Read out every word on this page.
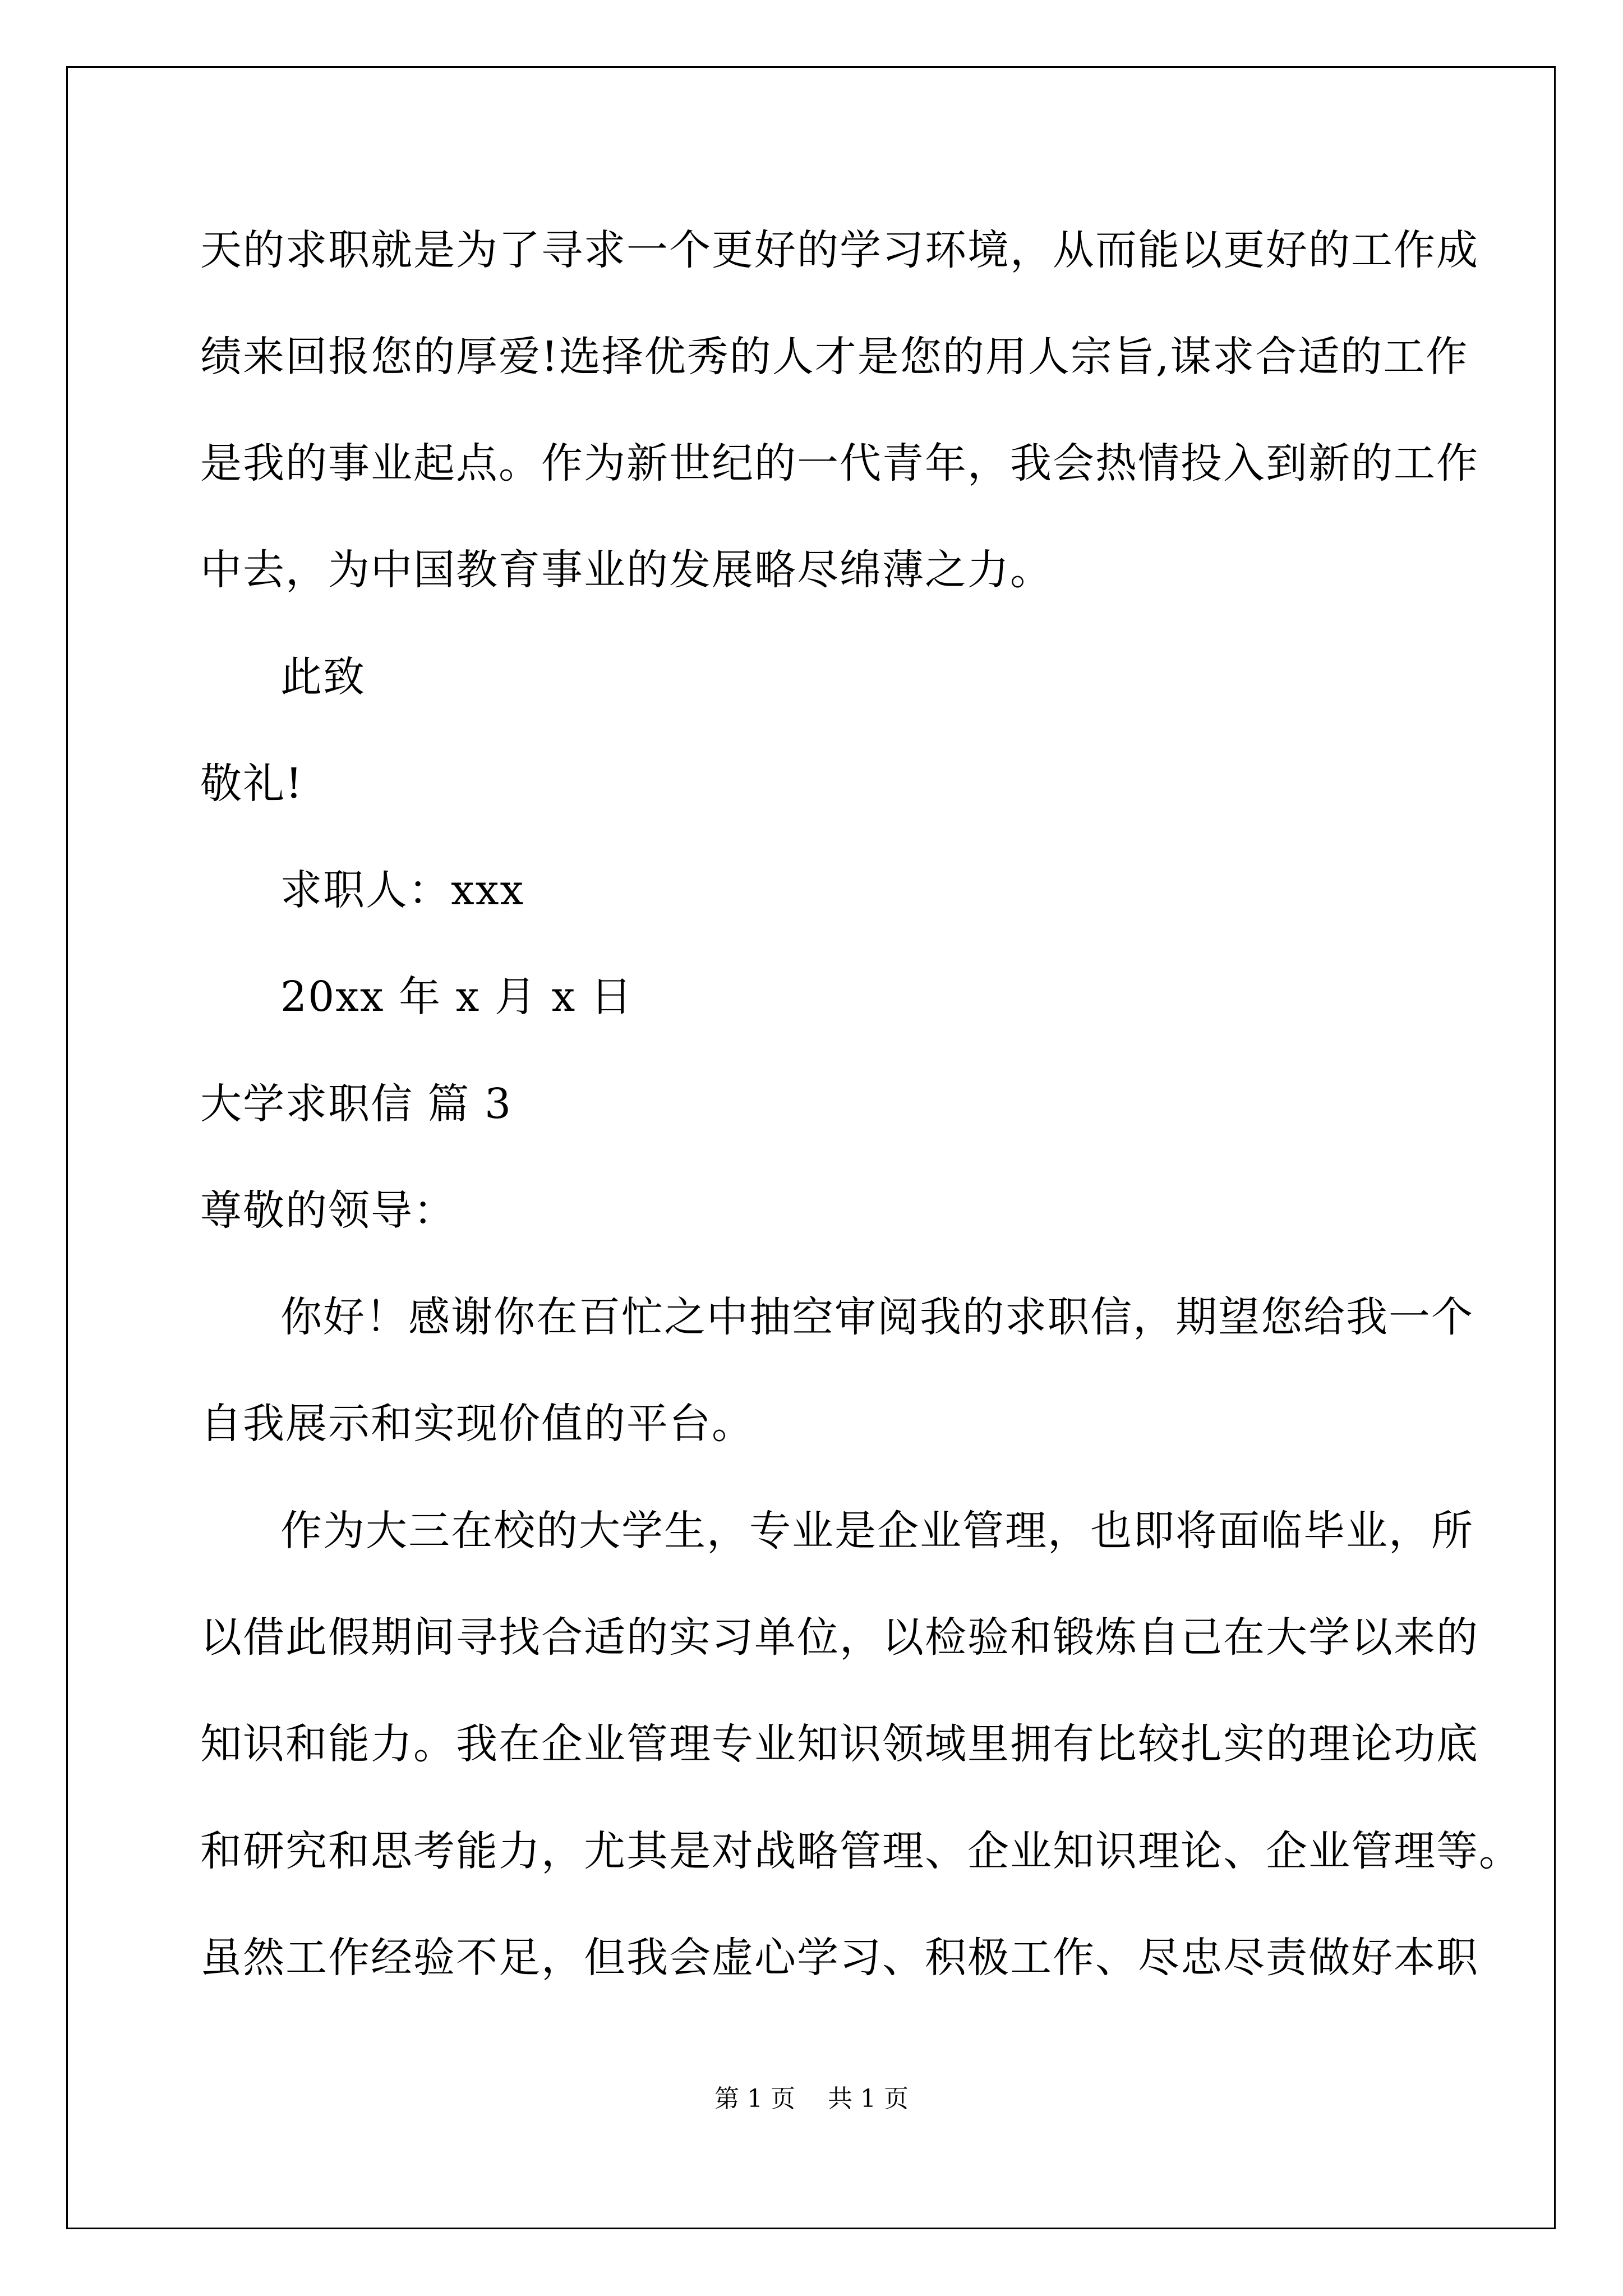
天的求职就是为了寻求一个更好的学习环境，从而能以更好的工作成
绩来回报您的厚爱!选择优秀的人才是您的用人宗旨,谋求合适的工作
是我的事业起点。作为新世纪的一代青年，我会热情投入到新的工作
中去，为中国教育事业的发展略尽绵薄之力。
此致
敬礼!
求职人：xxx
20xx 年 x 月 x 日
大学求职信 篇 3
尊敬的领导：
你好！感谢你在百忙之中抽空审阅我的求职信，期望您给我一个
自我展示和实现价值的平台。
作为大三在校的大学生，专业是企业管理，也即将面临毕业，所
以借此假期间寻找合适的实习单位，以检验和锻炼自己在大学以来的
知识和能力。我在企业管理专业知识领域里拥有比较扎实的理论功底
和研究和思考能力，尤其是对战略管理、企业知识理论、企业管理等。
虽然工作经验不足，但我会虚心学习、积极工作、尽忠尽责做好本职
第 1 页 共 1 页
